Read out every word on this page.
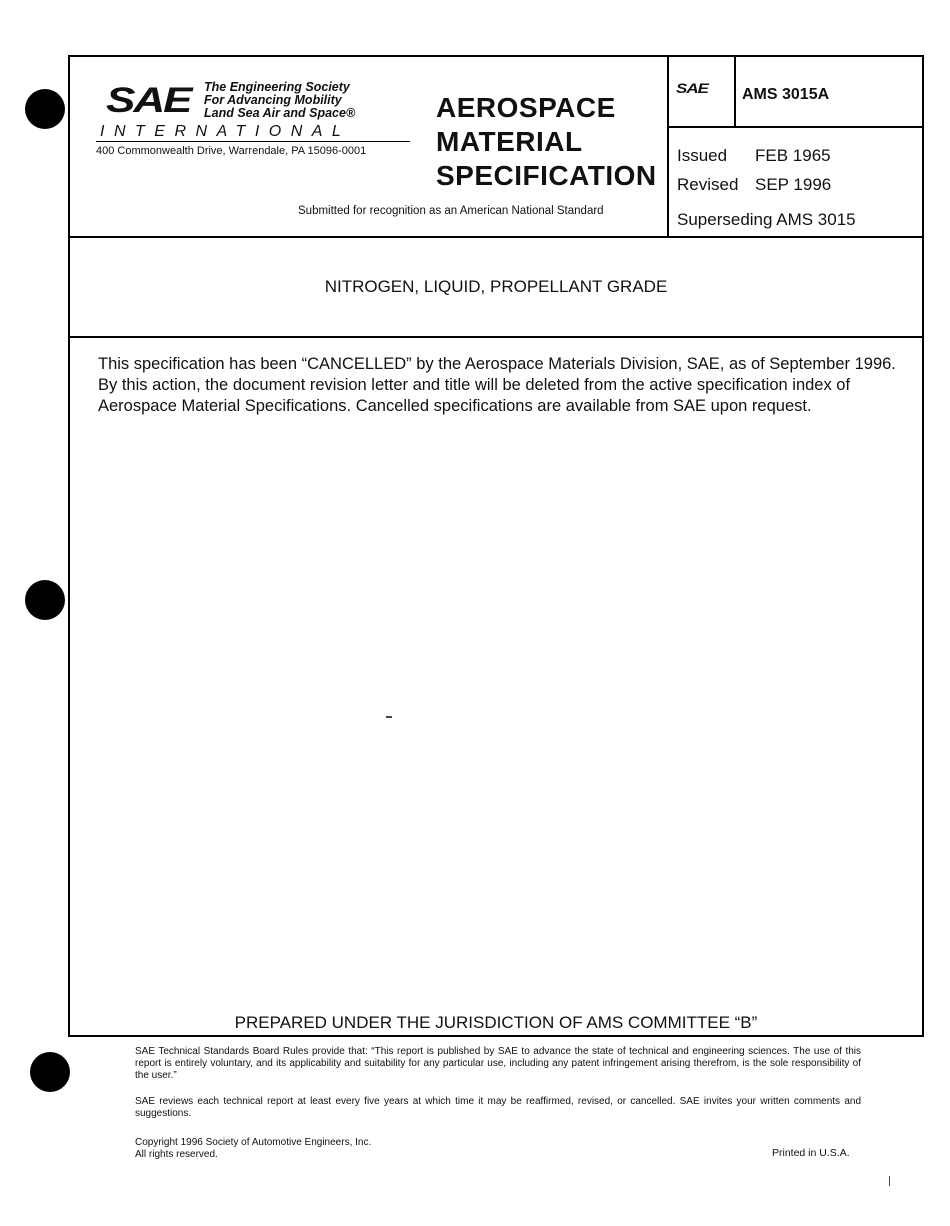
SAE The Engineering Society
For Advancing Mobility
Land Sea Air and Space®
INTERNATIONAL
400 Commonwealth Drive, Warrendale, PA 15096-0001
AEROSPACE
MATERIAL
SPECIFICATION
Submitted for recognition as an American National Standard
SAE AMS 3015A
Issued FEB 1965
Revised SEP 1996
Superseding AMS 3015
NITROGEN, LIQUID, PROPELLANT GRADE
This specification has been “CANCELLED” by the Aerospace Materials Division, SAE, as of September 1996. By this action, the document revision letter and title will be deleted from the active specification index of Aerospace Material Specifications. Cancelled specifications are available from SAE upon request.
PREPARED UNDER THE JURISDICTION OF AMS COMMITTEE “B”
SAE Technical Standards Board Rules provide that: “This report is published by SAE to advance the state of technical and engineering sciences. The use of this report is entirely voluntary, and its applicability and suitability for any particular use, including any patent infringement arising therefrom, is the sole responsibility of the user.”
SAE reviews each technical report at least every five years at which time it may be reaffirmed, revised, or cancelled. SAE invites your written comments and suggestions.
Copyright 1996 Society of Automotive Engineers, Inc.
All rights reserved.	Printed in U.S.A.
